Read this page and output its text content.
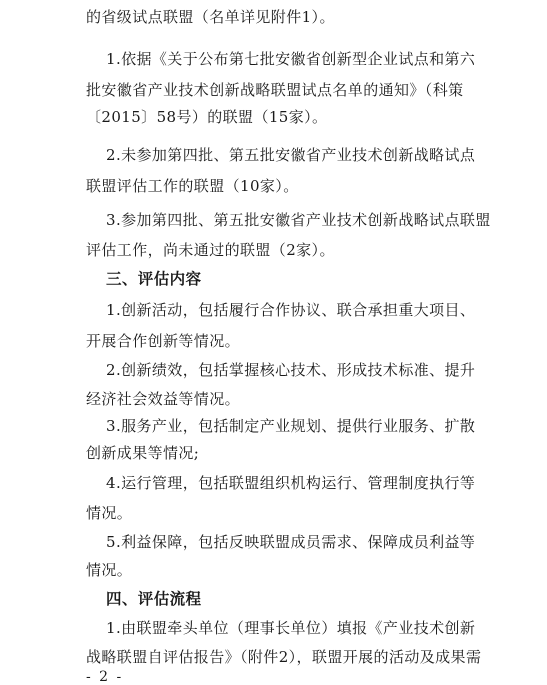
的省级试点联盟（名单详见附件1）。
1.依据《关于公布第七批安徽省创新型企业试点和第六
批安徽省产业技术创新战略联盟试点名单的通知》（科策
〔2015〕58号）的联盟（15家）。
2.未参加第四批、第五批安徽省产业技术创新战略试点
联盟评估工作的联盟（10家）。
3.参加第四批、第五批安徽省产业技术创新战略试点联盟
评估工作，尚未通过的联盟（2家）。
三、评估内容
1.创新活动，包括履行合作协议、联合承担重大项目、
开展合作创新等情况。
2.创新绩效，包括掌握核心技术、形成技术标准、提升
经济社会效益等情况。
3.服务产业，包括制定产业规划、提供行业服务、扩散
创新成果等情况;
4.运行管理，包括联盟组织机构运行、管理制度执行等
情况。
5.利益保障，包括反映联盟成员需求、保障成员利益等
情况。
四、评估流程
1.由联盟牵头单位（理事长单位）填报《产业技术创新
战略联盟自评估报告》（附件2），联盟开展的活动及成果需
- 2 -
